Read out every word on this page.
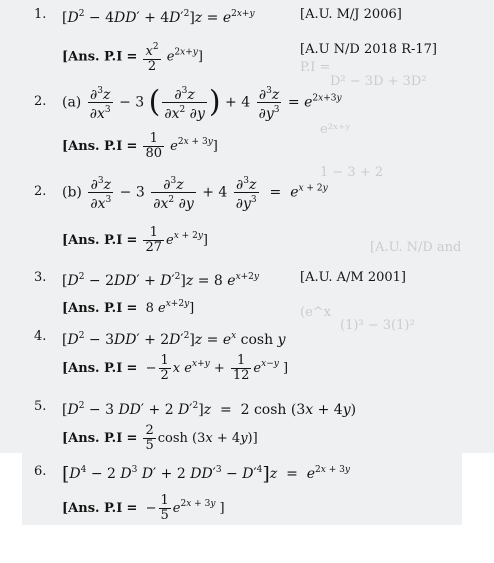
P.I =
D² − 3D + 3D²
e²ˣ⁺ʸ
[A.U. N/D and
(e^x
1 − 3 + 2
(1)³ − 3(1)²
1. $[D^2 - 4DD' + 4D'^2]z = e^{2x+y}$	[A.U. M/J 2006]
[Ans. $P.I = \frac{x^2}{2} e^{2x+y}$]	[A.U N/D 2018 R-17]
2. $(a) \frac{\partial^3z}{\partial x^3} - 3$ ( $\frac{\partial^3z}{\partial x^2 \partial y}$ ) + $4 \frac{\partial^3z}{\partial y^3} = e^{2x+3y}$
[Ans. $P.I = \frac{1}{80} e^{2x + 3y}$]
2. $(b) \frac{\partial^3z}{\partial x^3} - 3 \frac{\partial^3z}{\partial x^2 \partial y} + 4 \frac{\partial^3z}{\partial y^3} = e^{x + 2y}$
[Ans. $P.I = \frac{1}{27} e^{x + 2y}$]
3. $[D^2 - 2DD' + D'^2]z = 8$ $e^{x+2y}$	[A.U. A/M 2001]
[Ans. P.I =  8 $e^{x+2y}$]
4. $[D^2 - 3DD' + 2D'^2]z = e^x$ cosh y
[Ans. P.I =  − $\frac{1}{2}$ x $e^{x+y} + \frac{1}{12} e^{x-y}$ ]
5. [$D^2 - 3$ DD′ + 2 $D'^2]z = 2$ cosh (3x + 4y)
[Ans. $P.I = \frac{2}{5}$ cosh (3x + 4y)]
6. [$D^4 - 2$ $D^3$ D′ + 2 $DD'^3 - D'^4]z = e^{2x + 3y}$
[Ans. P.I =  − $\frac{1}{5} e^{2x + 3y}$ ]
